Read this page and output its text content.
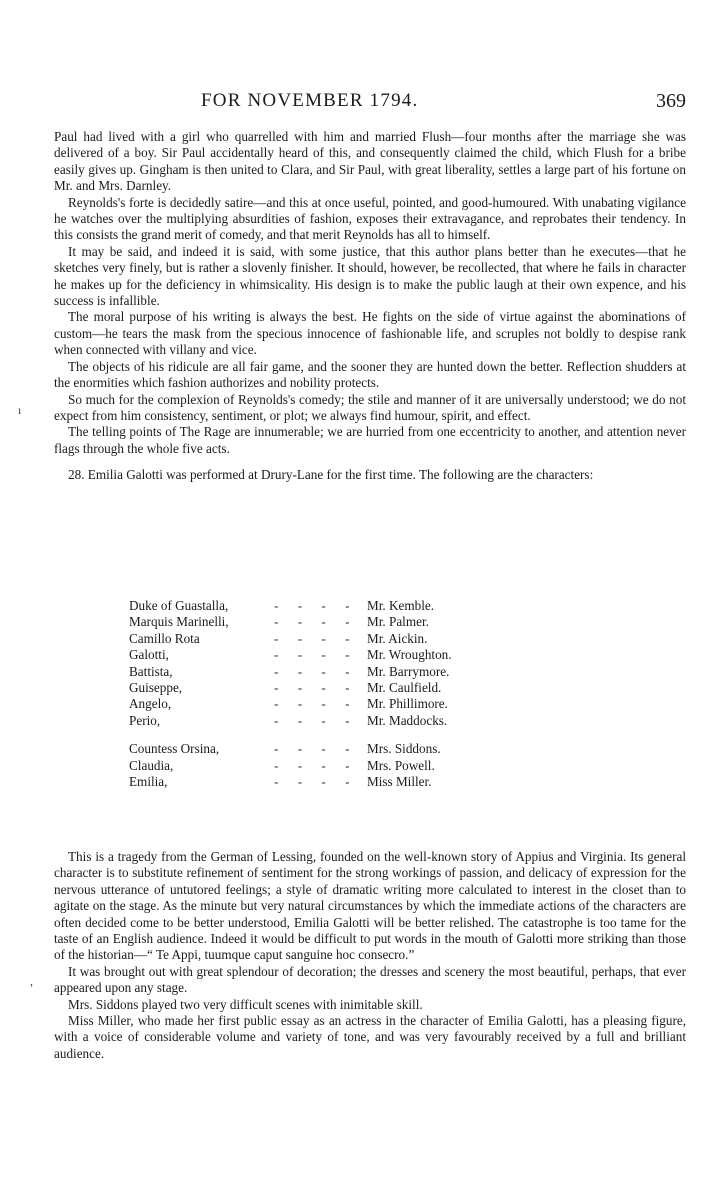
FOR NOVEMBER 1794.	369
ı

Paul had lived with a girl who quarrelled with him and married Flush—four months after the marriage she was delivered of a boy. Sir Paul accidentally heard of this, and consequently claimed the child, which Flush for a bribe easily gives up. Gingham is then united to Clara, and Sir Paul, with great liberality, settles a large part of his fortune on Mr. and Mrs. Darnley.

Reynolds's forte is decidedly satire—and this at once useful, pointed, and good-humoured. With unabating vigilance he watches over the multiplying absurdities of fashion, exposes their extravagance, and reprobates their tendency. In this consists the grand merit of comedy, and that merit Reynolds has all to himself.

It may be said, and indeed it is said, with some justice, that this author plans better than he executes—that he sketches very finely, but is rather a slovenly finisher. It should, however, be recollected, that where he fails in character he makes up for the deficiency in whimsicality. His design is to make the public laugh at their own expence, and his success is infallible.

The moral purpose of his writing is always the best. He fights on the side of virtue against the abominations of custom—he tears the mask from the specious innocence of fashionable life, and scruples not boldly to despise rank when connected with villany and vice.

The objects of his ridicule are all fair game, and the sooner they are hunted down the better. Reflection shudders at the enormities which fashion authorizes and nobility protects.

So much for the complexion of Reynolds's comedy; the stile and manner of it are universally understood; we do not expect from him consistency, sentiment, or plot; we always find humour, spirit, and effect.

The telling points of The Rage are innumerable; we are hurried from one eccentricity to another, and attention never flags through the whole five acts.

28. Emilia Galotti was performed at Drury-Lane for the first time. The following are the characters:

Duke of Guastalla,	- - - - Mr. Kemble.
Marquis Marinelli,	- - - - Mr. Palmer.
Camillo Rota	- - - - Mr. Aickin.
Galotti,	- - - - Mr. Wroughton.
Battista,	- - - - Mr. Barrymore.
Guiseppe,	- - - - Mr. Caulfield.
Angelo,	- - - - Mr. Phillimore.
Perio,	- - - - Mr. Maddocks.
Countess Orsina,	- - - - Mrs. Siddons.
Claudia,	- - - - Mrs. Powell.
Emilia,	- - - - Miss Miller.
,

This is a tragedy from the German of Lessing, founded on the well-known story of Appius and Virginia. Its general character is to substitute refinement of sentiment for the strong workings of passion, and delicacy of expression for the nervous utterance of untutored feelings; a style of dramatic writing more calculated to interest in the closet than to agitate on the stage. As the minute but very natural circumstances by which the immediate actions of the characters are often decided come to be better understood, Emilia Galotti will be better relished. The catastrophe is too tame for the taste of an English audience. Indeed it would be difficult to put words in the mouth of Galotti more striking than those of the historian—“ Te Appi, tuumque caput sanguine hoc consecro.”

It was brought out with great splendour of decoration; the dresses and scenery the most beautiful, perhaps, that ever appeared upon any stage.

Mrs. Siddons played two very difficult scenes with inimitable skill.

Miss Miller, who made her first public essay as an actress in the character of Emilia Galotti, has a pleasing figure, with a voice of considerable volume and variety of tone, and was very favourably received by a full and brilliant audience.
